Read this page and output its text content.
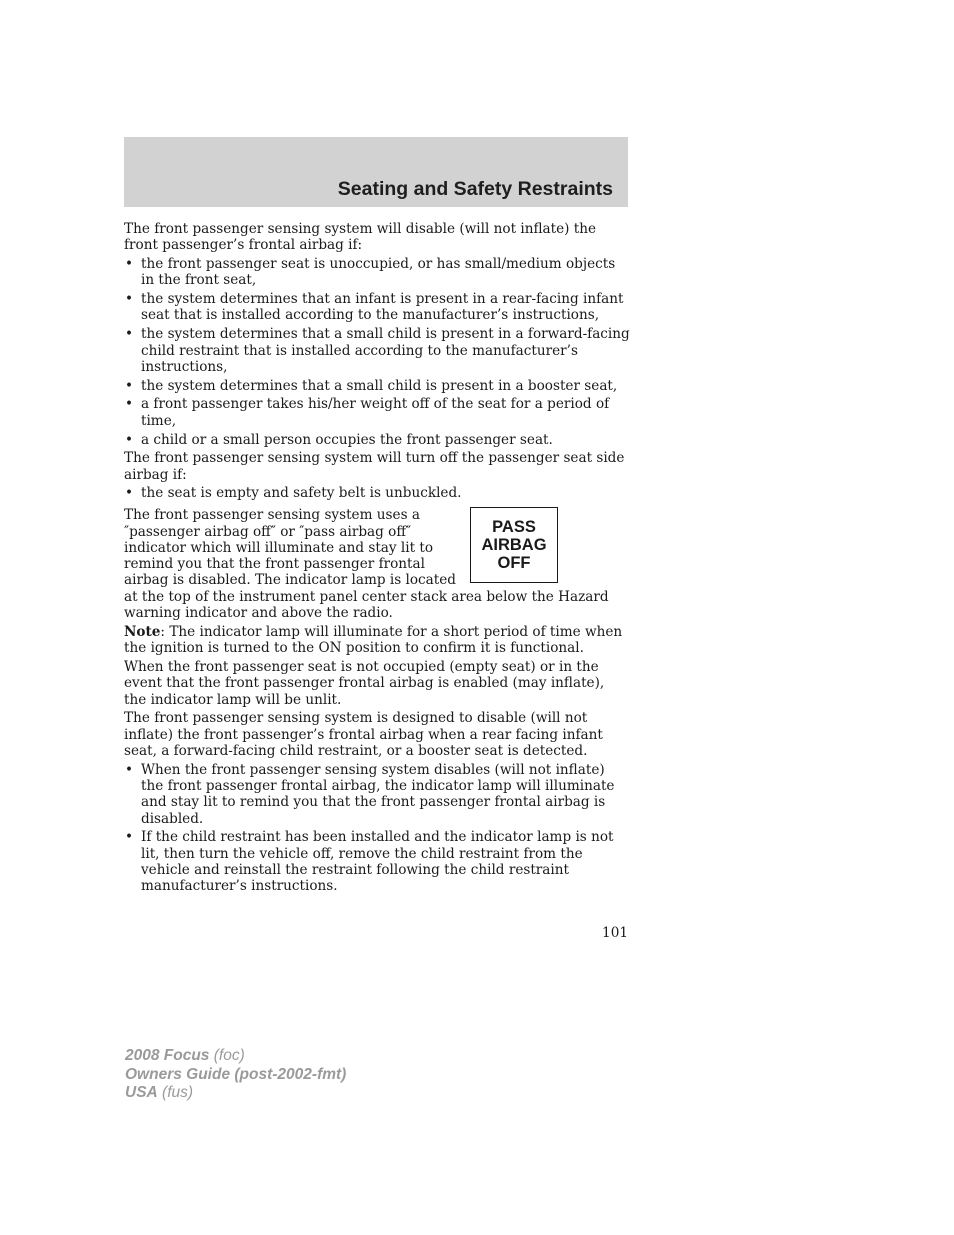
Seating and Safety Restraints

The front passenger sensing system will disable (will not inflate) the front passenger’s frontal airbag if:

• the front passenger seat is unoccupied, or has small/medium objects in the front seat,
• the system determines that an infant is present in a rear-facing infant seat that is installed according to the manufacturer’s instructions,
• the system determines that a small child is present in a forward-facing child restraint that is installed according to the manufacturer’s instructions,
• the system determines that a small child is present in a booster seat,
• a front passenger takes his/her weight off of the seat for a period of time,
• a child or a small person occupies the front passenger seat.

The front passenger sensing system will turn off the passenger seat side airbag if:

• the seat is empty and safety belt is unbuckled.
PASS
AIRBAG
OFF

The front passenger sensing system uses a ″passenger airbag off″ or ″pass airbag off″ indicator which will illuminate and stay lit to remind you that the front passenger frontal airbag is disabled. The indicator lamp is located at the top of the instrument panel center stack area below the Hazard warning indicator and above the radio.

Note: The indicator lamp will illuminate for a short period of time when the ignition is turned to the ON position to confirm it is functional.

When the front passenger seat is not occupied (empty seat) or in the event that the front passenger frontal airbag is enabled (may inflate), the indicator lamp will be unlit.

The front passenger sensing system is designed to disable (will not inflate) the front passenger’s frontal airbag when a rear facing infant seat, a forward-facing child restraint, or a booster seat is detected.

• When the front passenger sensing system disables (will not inflate) the front passenger frontal airbag, the indicator lamp will illuminate and stay lit to remind you that the front passenger frontal airbag is disabled.
• If the child restraint has been installed and the indicator lamp is not lit, then turn the vehicle off, remove the child restraint from the vehicle and reinstall the restraint following the child restraint manufacturer’s instructions.
101
2008 Focus (foc)
Owners Guide (post-2002-fmt)
USA (fus)
